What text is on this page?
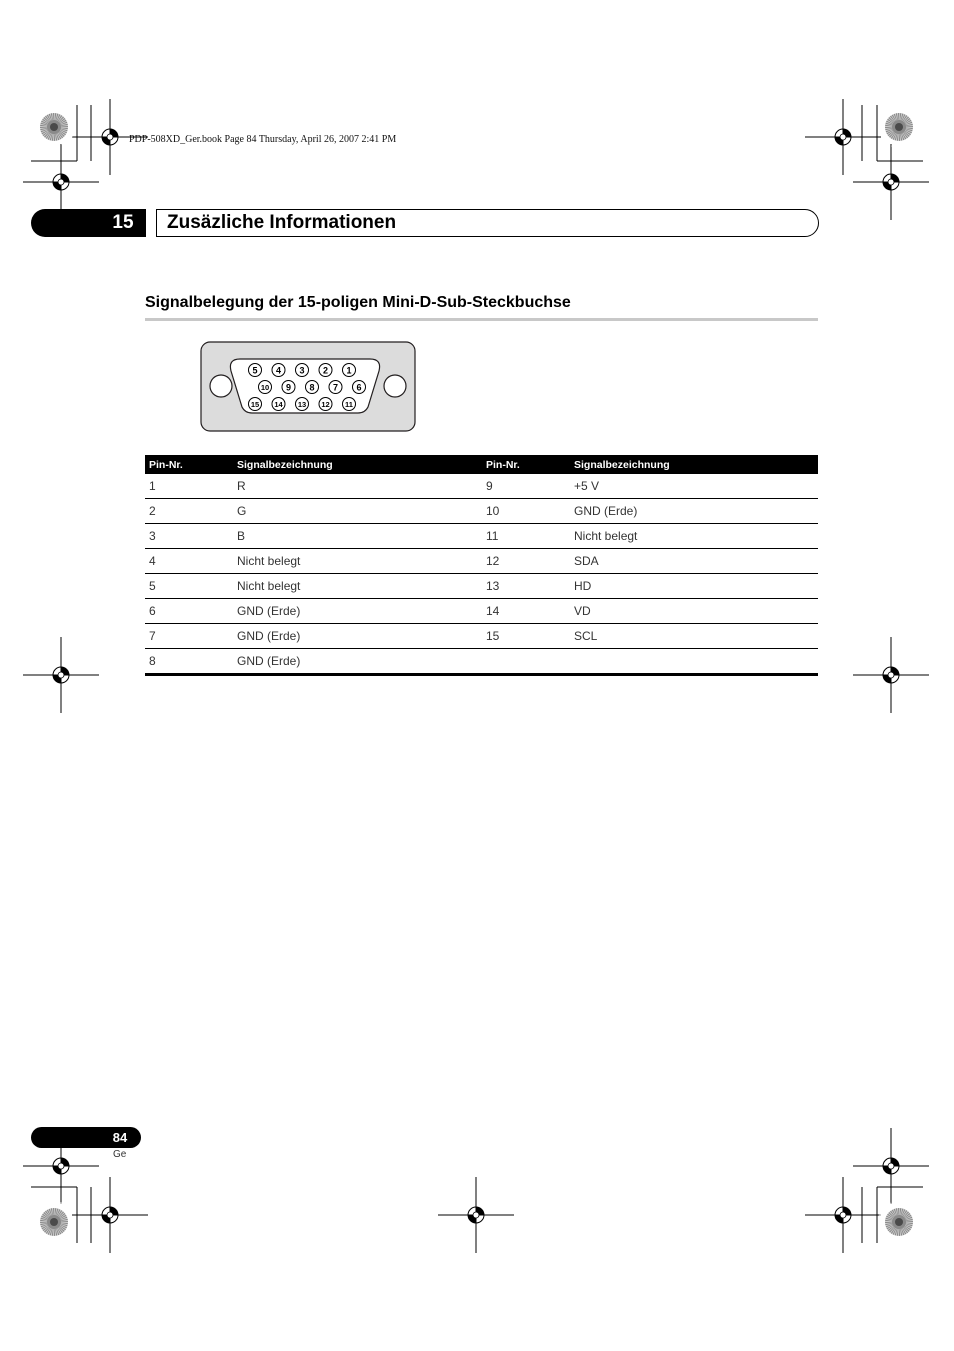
PDP-508XD_Ger.book Page 84 Thursday, April 26, 2007 2:41 PM
15	Zusäzliche Informationen
Signalbelegung der 15-poligen Mini-D-Sub-Steckbuchse
5 4 3 2 1
10 9 8 7 6
15 14 13 12 11
Pin-Nr.	Signalbezeichnung	Pin-Nr.	Signalbezeichnung
1	R	9	+5 V
2	G	10	GND (Erde)
3	B	11	Nicht belegt
4	Nicht belegt	12	SDA
5	Nicht belegt	13	HD
6	GND (Erde)	14	VD
7	GND (Erde)	15	SCL
8	GND (Erde)		
84
Ge
